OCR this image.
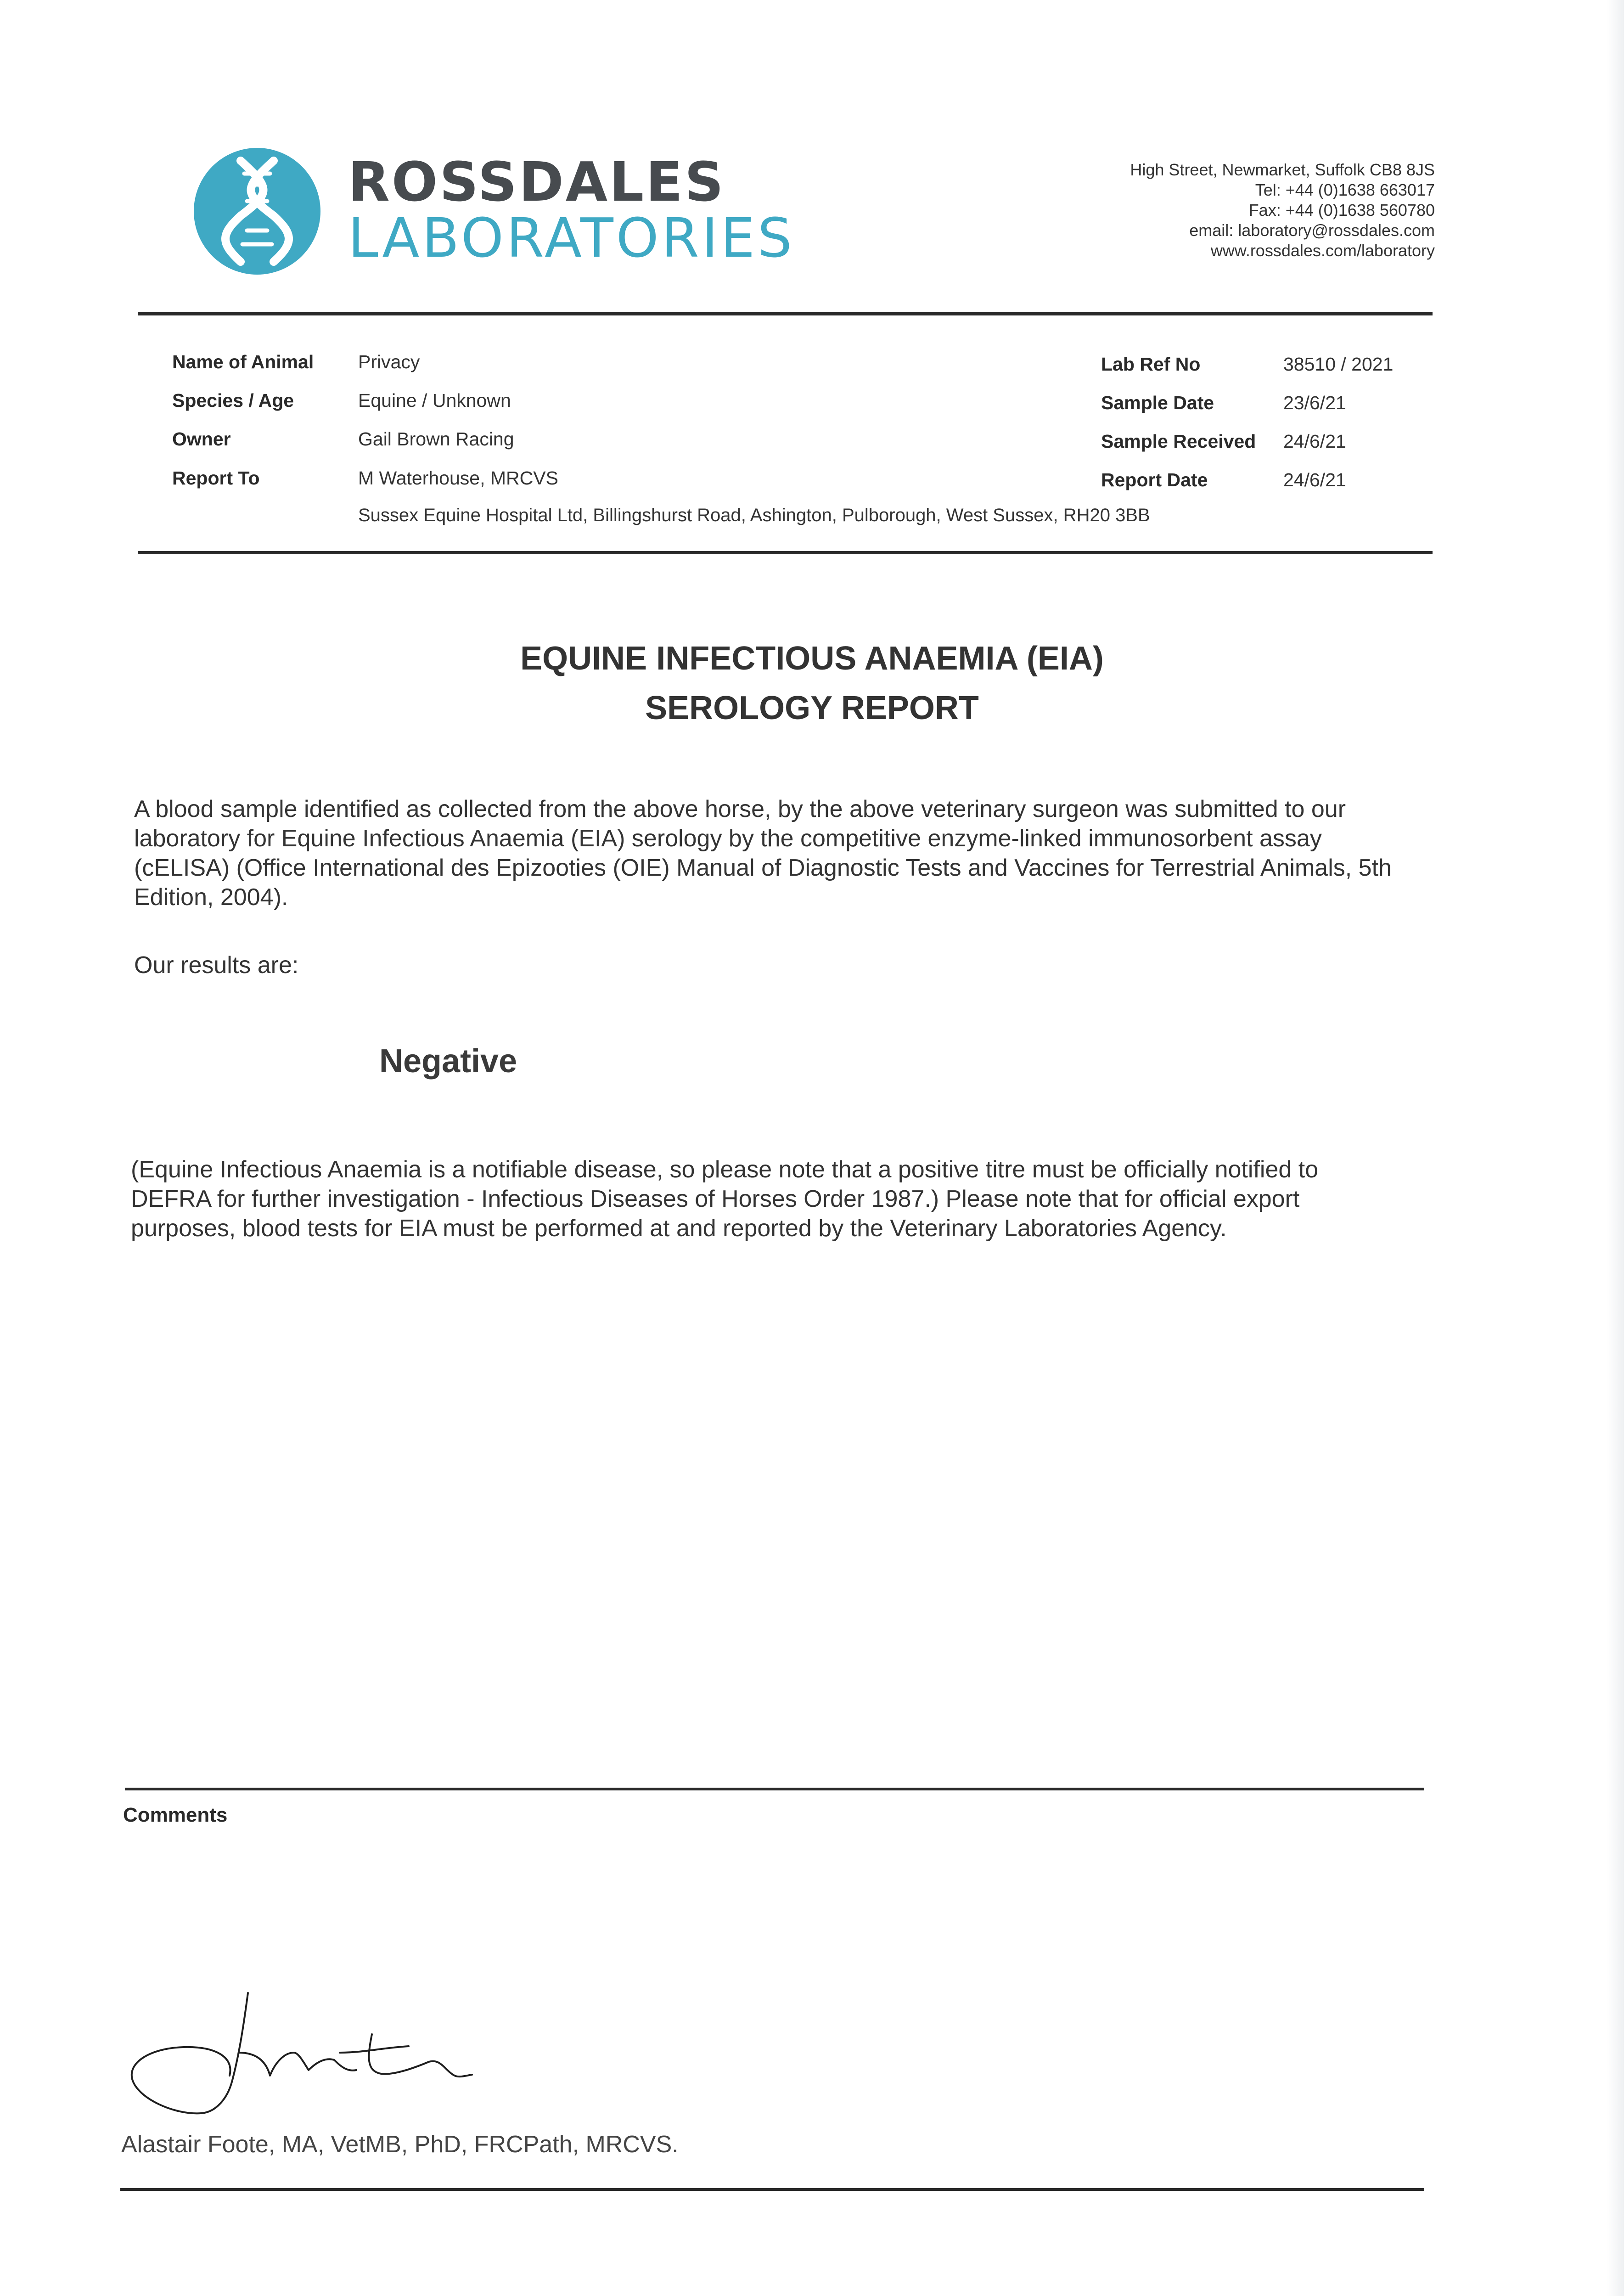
ROSSDALES
LABORATORIES
High Street, Newmarket, Suffolk CB8 8JS
Tel: +44 (0)1638 663017
Fax: +44 (0)1638 560780
email: laboratory@rossdales.com
www.rossdales.com/laboratory
Name of Animal
Species / Age
Owner
Report To
Privacy
Equine / Unknown
Gail Brown Racing
M Waterhouse, MRCVS
Sussex Equine Hospital Ltd, Billingshurst Road, Ashington, Pulborough, West Sussex, RH20 3BB
Lab Ref No
Sample Date
Sample Received
Report Date
38510 / 2021
23/6/21
24/6/21
24/6/21
EQUINE INFECTIOUS ANAEMIA (EIA)
SEROLOGY REPORT
A blood sample identified as collected from the above horse, by the above veterinary surgeon was submitted to our
laboratory for Equine Infectious Anaemia (EIA) serology by the competitive enzyme-linked immunosorbent assay
(cELISA) (Office International des Epizooties (OIE) Manual of Diagnostic Tests and Vaccines for Terrestrial Animals, 5th
Edition, 2004).
Our results are:
Negative
(Equine Infectious Anaemia is a notifiable disease, so please note that a positive titre must be officially notified to
DEFRA for further investigation - Infectious Diseases of Horses Order 1987.) Please note that for official export
purposes, blood tests for EIA must be performed at and reported by the Veterinary Laboratories Agency.
Comments
Alastair Foote, MA, VetMB, PhD, FRCPath, MRCVS.
